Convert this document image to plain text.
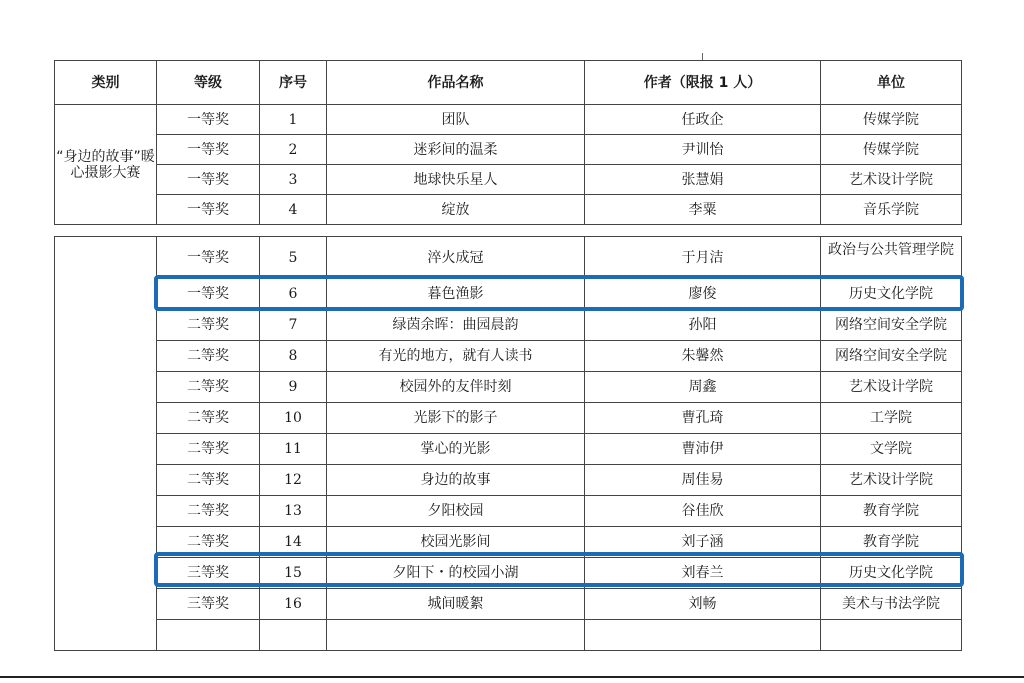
类别	等级	序号	作品名称	作者（限报 1 人）	单位
“身边的故事”暖心摄影大赛	一等奖	1	团队	任政企	传媒学院
	一等奖	2	迷彩间的温柔	尹训怡	传媒学院
	一等奖	3	地球快乐星人	张慧娟	艺术设计学院
	一等奖	4	绽放	李粟	音乐学院
	一等奖	5	淬火成冠	于月洁	政治与公共管理学院

	一等奖	6	暮色渔影	廖俊	历史文化学院
	二等奖	7	绿茵余晖：曲园晨韵	孙阳	网络空间安全学院
	二等奖	8	有光的地方，就有人读书	朱馨然	网络空间安全学院
	二等奖	9	校园外的友伴时刻	周鑫	艺术设计学院
	二等奖	10	光影下的影子	曹孔琦	工学院
	二等奖	11	掌心的光影	曹沛伊	文学院
	二等奖	12	身边的故事	周佳易	艺术设计学院
	二等奖	13	夕阳校园	谷佳欣	教育学院
	二等奖	14	校园光影间	刘子涵	教育学院
	三等奖	15	夕阳下・的校园小湖	刘春兰	历史文化学院
	三等奖	16	城间暖絮	刘畅	美术与书法学院
